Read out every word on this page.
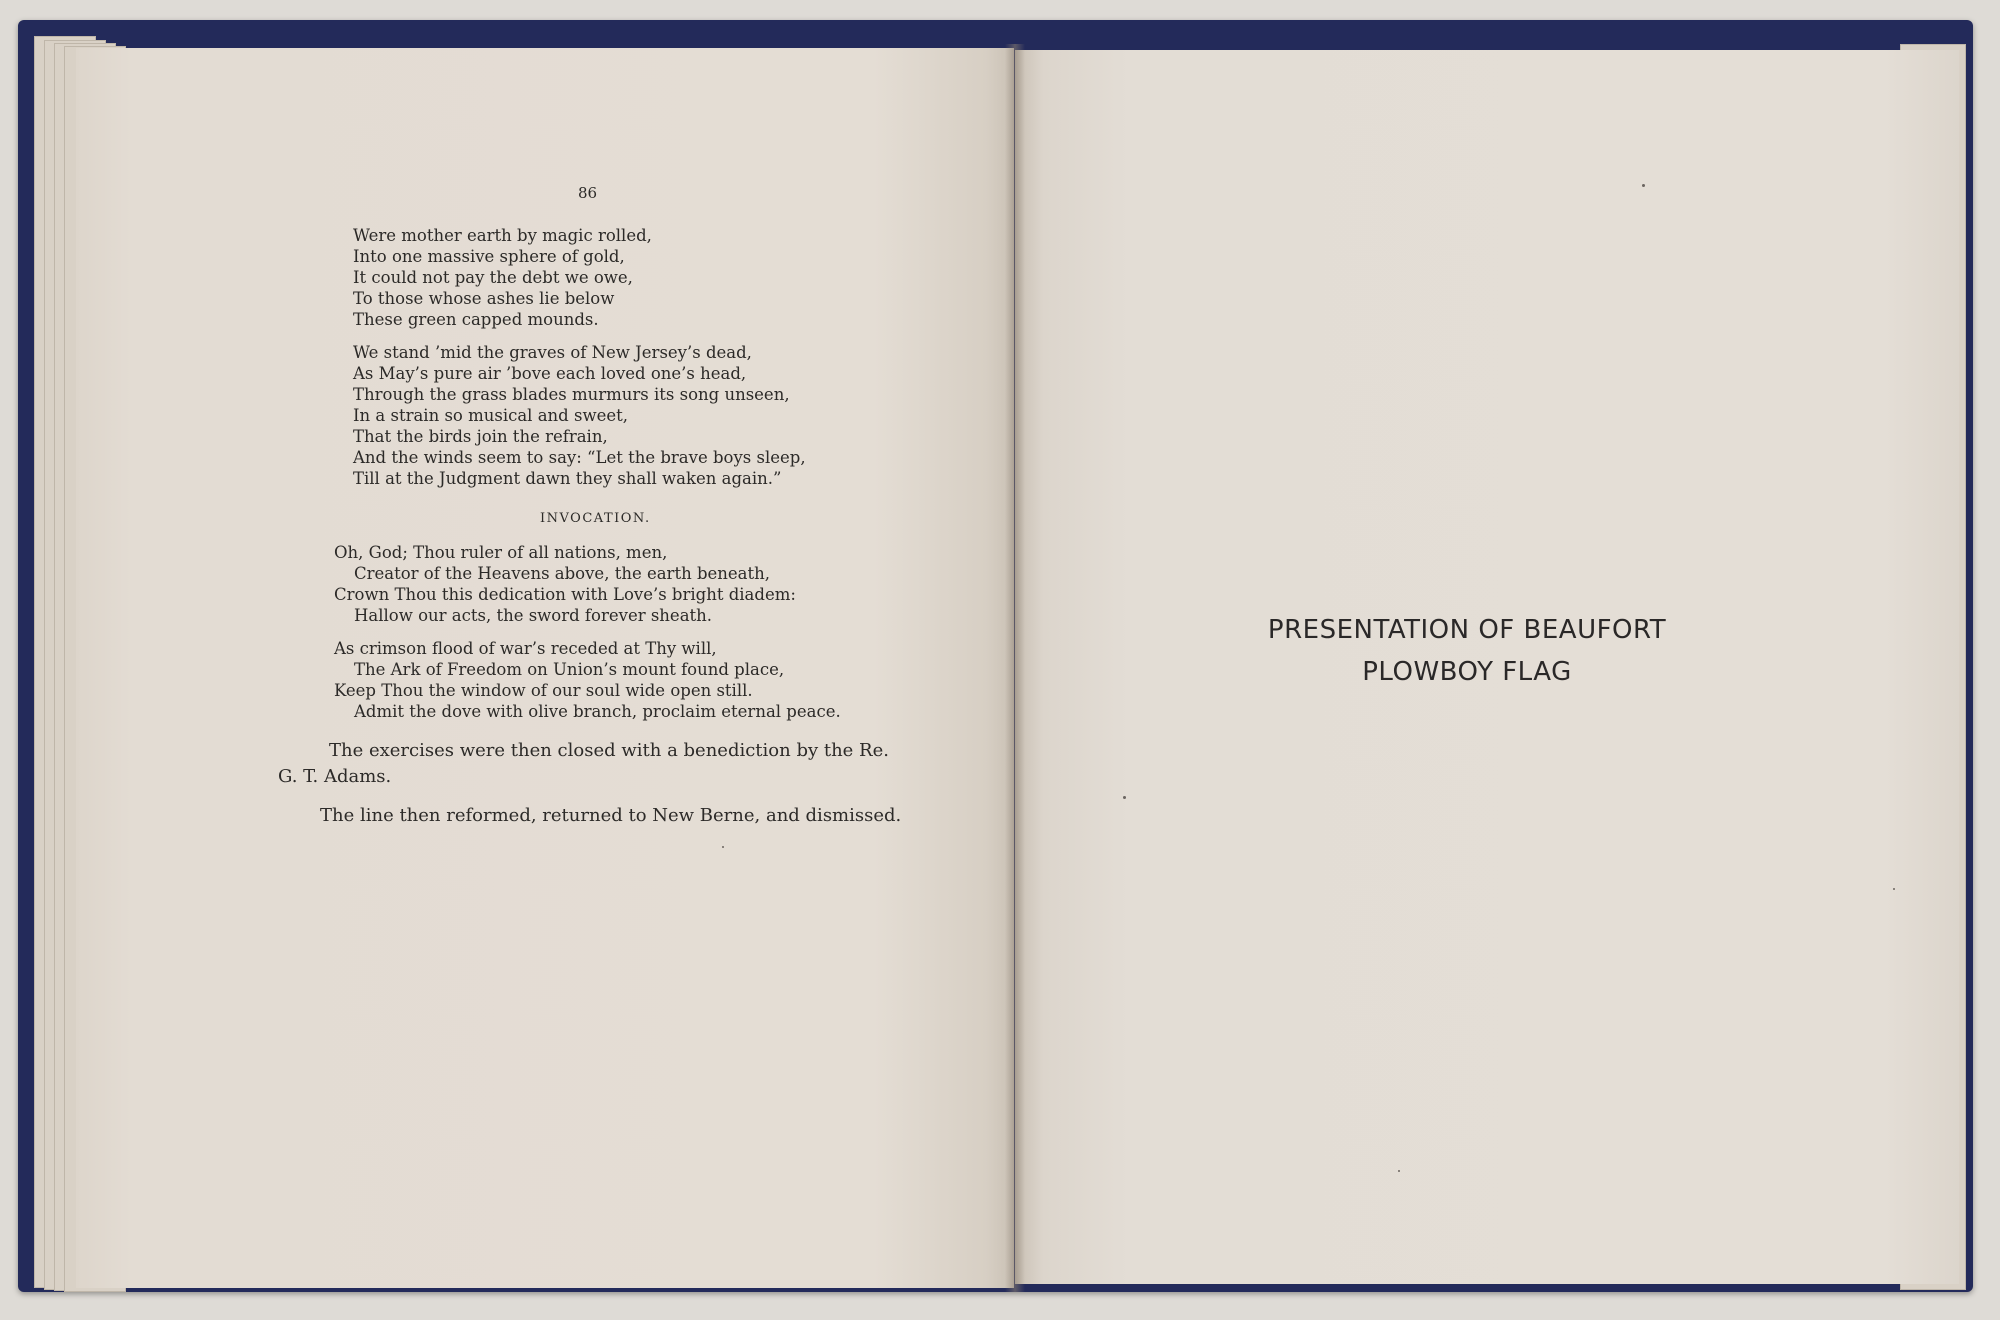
86
Were mother earth by magic rolled,
Into one massive sphere of gold,
It could not pay the debt we owe,
To those whose ashes lie below
These green capped mounds.
We stand ’mid the graves of New Jersey’s dead,
As May’s pure air ’bove each loved one’s head,
Through the grass blades murmurs its song unseen,
In a strain so musical and sweet,
That the birds join the refrain,
And the winds seem to say: “Let the brave boys sleep,
Till at the Judgment dawn they shall waken again.”
INVOCATION.
Oh, God; Thou ruler of all nations, men,
Creator of the Heavens above, the earth beneath,
Crown Thou this dedication with Love’s bright diadem:
Hallow our acts, the sword forever sheath.
As crimson flood of war’s receded at Thy will,
The Ark of Freedom on Union’s mount found place,
Keep Thou the window of our soul wide open still.
Admit the dove with olive branch, proclaim eternal peace.
The exercises were then closed with a benediction by the Re.
G. T. Adams.
The line then reformed, returned to New Berne, and dismissed.
PRESENTATION OF BEAUFORT
PLOWBOY FLAG
